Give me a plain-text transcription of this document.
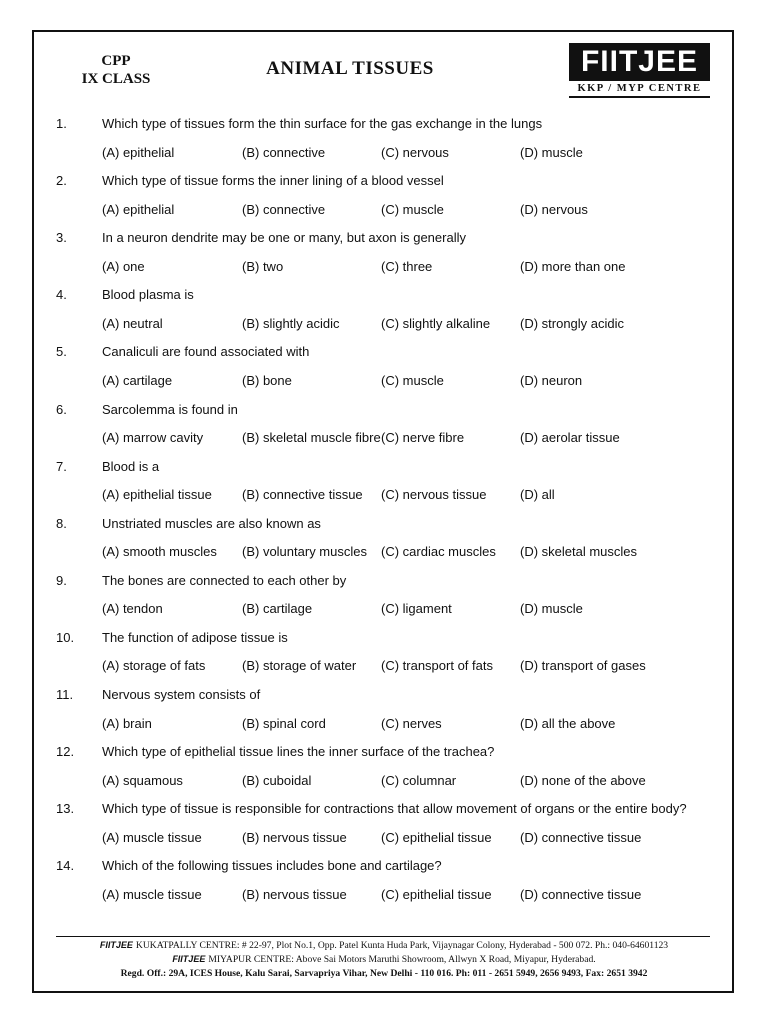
CPP
IX CLASS	ANIMAL TISSUES	FIITJEE
KKP / MYP CENTRE
1.	Which type of tissues form the thin surface for the gas exchange in the lungs
(A) epithelial	(B) connective	(C) nervous	(D) muscle
2.	Which type of tissue forms the inner lining of a blood vessel
(A) epithelial	(B) connective	(C) muscle	(D) nervous
3.	In a neuron dendrite may be one or many, but axon is generally
(A) one	(B) two	(C) three	(D) more than one
4.	Blood plasma is
(A) neutral	(B) slightly acidic	(C) slightly alkaline (D) strongly acidic
5.	Canaliculi are found associated with
(A) cartilage	(B) bone	(C) muscle	(D) neuron
6.	Sarcolemma is found in
(A) marrow cavity	(B) skeletal muscle fibre (C) nerve fibre	(D) aerolar tissue
7.	Blood is a
(A) epithelial tissue (B) connective tissue (C) nervous tissue	(D) all
8.	Unstriated muscles are also known as
(A) smooth muscles (B) voluntary muscles (C) cardiac muscles (D) skeletal muscles
9.	The bones are connected to each other by
(A) tendon	(B) cartilage	(C) ligament	(D) muscle
10. The function of adipose tissue is
(A) storage of fats	(B) storage of water (C) transport of fats (D) transport of gases
11. Nervous system consists of
(A) brain	(B) spinal cord	(C) nerves	(D) all the above
12. Which type of epithelial tissue lines the inner surface of the trachea?
(A) squamous	(B) cuboidal	(C) columnar	(D) none of the above
13. Which type of tissue is responsible for contractions that allow movement of organs or the entire body?
(A) muscle tissue	(B) nervous tissue	(C) epithelial tissue (D) connective tissue
14. Which of the following tissues includes bone and cartilage?
(A) muscle tissue	(B) nervous tissue	(C) epithelial tissue (D) connective tissue
FIITJEE KUKATPALLY CENTRE: # 22-97, Plot No.1, Opp. Patel Kunta Huda Park, Vijaynagar Colony, Hyderabad - 500 072. Ph.: 040-64601123
FIITJEE MIYAPUR CENTRE: Above Sai Motors Maruthi Showroom, Allwyn X Road, Miyapur, Hyderabad.
Regd. Off.: 29A, ICES House, Kalu Sarai, Sarvapriya Vihar, New Delhi - 110 016. Ph: 011 - 2651 5949, 2656 9493, Fax: 2651 3942
